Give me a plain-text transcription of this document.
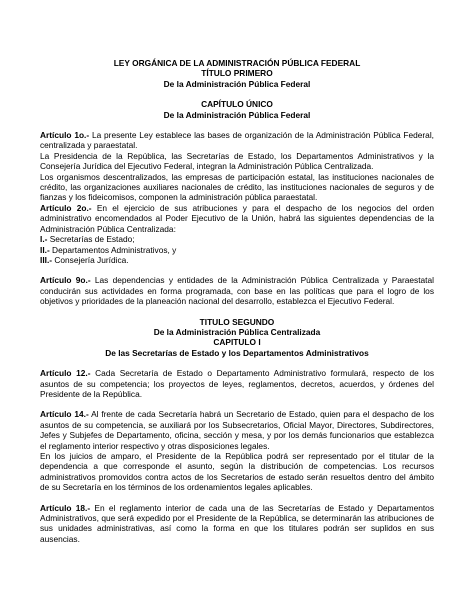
LEY ORGÁNICA DE LA ADMINISTRACIÓN PÚBLICA FEDERAL

TÍTULO PRIMERO

De la Administración Pública Federal

CAPÍTULO ÚNICO

De la Administración Pública Federal

Artículo 1o.- La presente Ley establece las bases de organización de la Administración Pública Federal, centralizada y paraestatal.

La Presidencia de la República, las Secretarías de Estado, los Departamentos Administrativos y la Consejería Jurídica del Ejecutivo Federal, integran la Administración Pública Centralizada.

Los organismos descentralizados, las empresas de participación estatal, las instituciones nacionales de crédito, las organizaciones auxiliares nacionales de crédito, las instituciones nacionales de seguros y de fianzas y los fideicomisos, componen la administración pública paraestatal.

Artículo 2o.- En el ejercicio de sus atribuciones y para el despacho de los negocios del orden administrativo encomendados al Poder Ejecutivo de la Unión, habrá las siguientes dependencias de la Administración Pública Centralizada:

I.- Secretarías de Estado;
II.- Departamentos Administrativos, y
III.- Consejería Jurídica.

Artículo 9o.- Las dependencias y entidades de la Administración Pública Centralizada y Paraestatal conducirán sus actividades en forma programada, con base en las políticas que para el logro de los objetivos y prioridades de la planeación nacional del desarrollo, establezca el Ejecutivo Federal.

TITULO SEGUNDO

De la Administración Pública Centralizada

CAPITULO I

De las Secretarías de Estado y los Departamentos Administrativos

Artículo 12.- Cada Secretaría de Estado o Departamento Administrativo formulará, respecto de los asuntos de su competencia; los proyectos de leyes, reglamentos, decretos, acuerdos, y órdenes del Presidente de la República.

Artículo 14.- Al frente de cada Secretaría habrá un Secretario de Estado, quien para el despacho de los asuntos de su competencia, se auxiliará por los Subsecretarios, Oficial Mayor, Directores, Subdirectores, Jefes y Subjefes de Departamento, oficina, sección y mesa, y por los demás funcionarios que establezca el reglamento interior respectivo y otras disposiciones legales.

En los juicios de amparo, el Presidente de la República podrá ser representado por el titular de la dependencia a que corresponde el asunto, según la distribución de competencias. Los recursos administrativos promovidos contra actos de los Secretarios de estado serán resueltos dentro del ámbito de su Secretaría en los términos de los ordenamientos legales aplicables.

Artículo 18.- En el reglamento interior de cada una de las Secretarías de Estado y Departamentos Administrativos, que será expedido por el Presidente de la República, se determinarán las atribuciones de sus unidades administrativas, así como la forma en que los titulares podrán ser suplidos en sus ausencias.
